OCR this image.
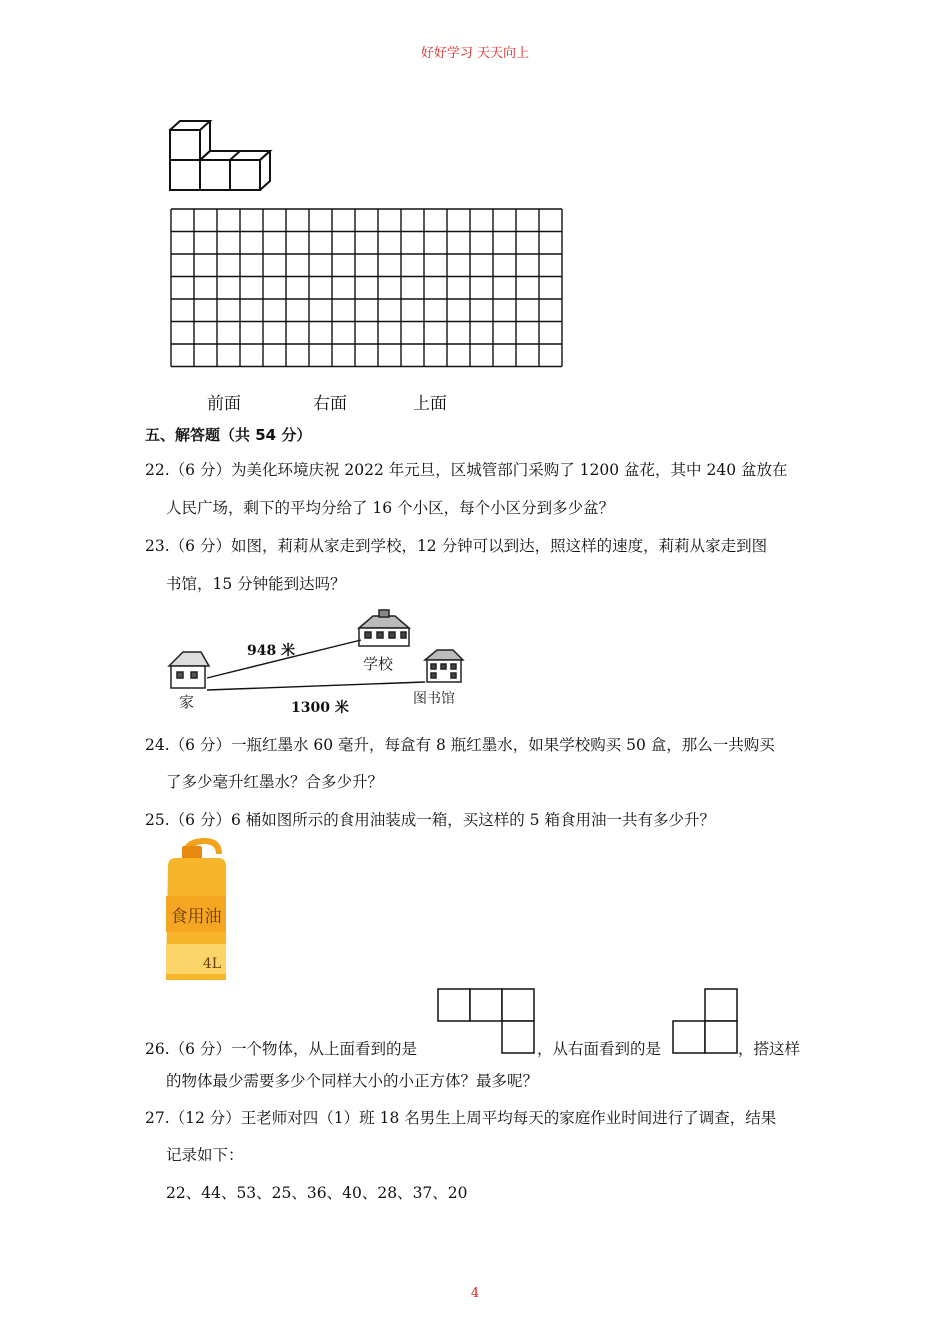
好好学习 天天向上
前面	右面	上面
五、解答题（共 54 分）
22.（6 分）为美化环境庆祝 2022 年元旦，区城管部门采购了 1200 盆花，其中 240 盆放在
人民广场，剩下的平均分给了 16 个小区，每个小区分到多少盆？
23.（6 分）如图，莉莉从家走到学校，12 分钟可以到达，照这样的速度，莉莉从家走到图
书馆，15 分钟能到达吗？
948 米
1300 米
家
学校
图书馆
24.（6 分）一瓶红墨水 60 毫升，每盒有 8 瓶红墨水，如果学校购买 50 盒，那么一共购买
了多少毫升红墨水？合多少升？
25.（6 分）6 桶如图所示的食用油装成一箱，买这样的 5 箱食用油一共有多少升？
食用油
4L
26.（6 分）一个物体，从上面看到的是	，从右面看到的是	，搭这样
的物体最少需要多少个同样大小的小正方体？最多呢？
27.（12 分）王老师对四（1）班 18 名男生上周平均每天的家庭作业时间进行了调查，结果
记录如下：
22、44、53、25、36、40、28、37、20
4
